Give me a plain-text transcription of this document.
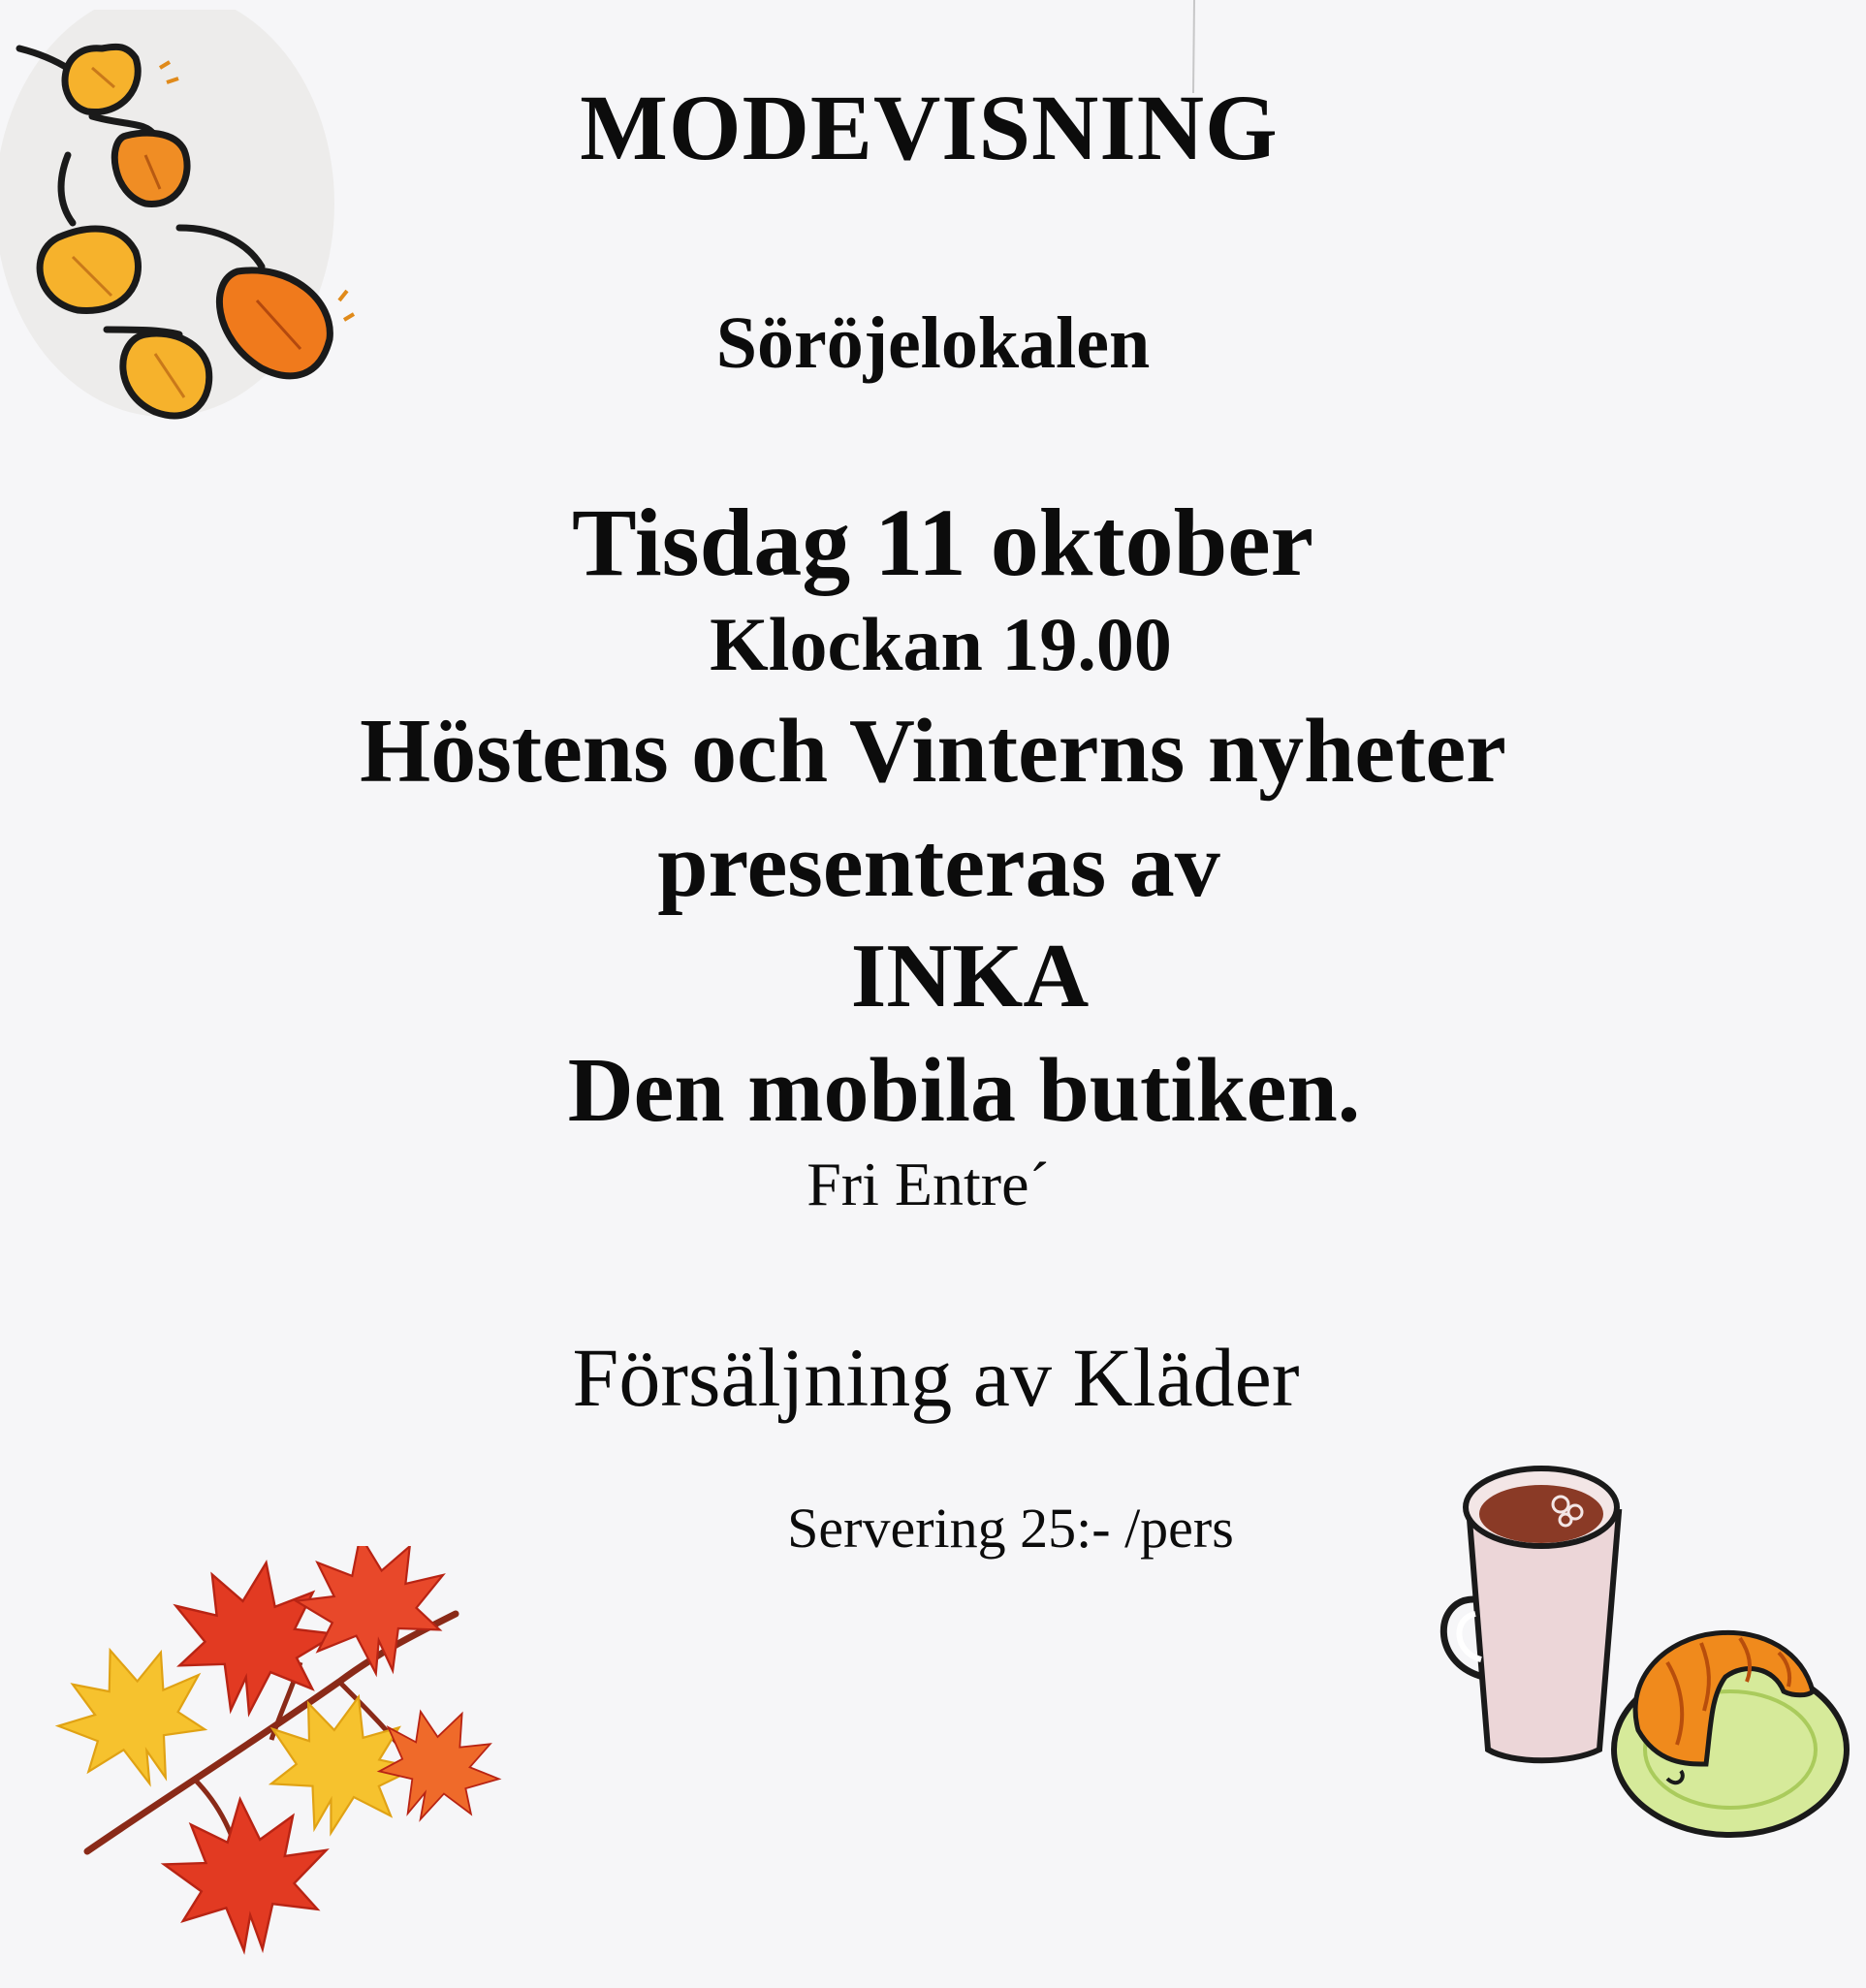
MODEVISNING
Söröjelokalen
Tisdag 11 oktober
Klockan 19.00
Höstens och Vinterns nyheter
presenteras av
INKA
Den mobila butiken.
Fri Entre´
Försäljning av Kläder
Servering 25:- /pers
